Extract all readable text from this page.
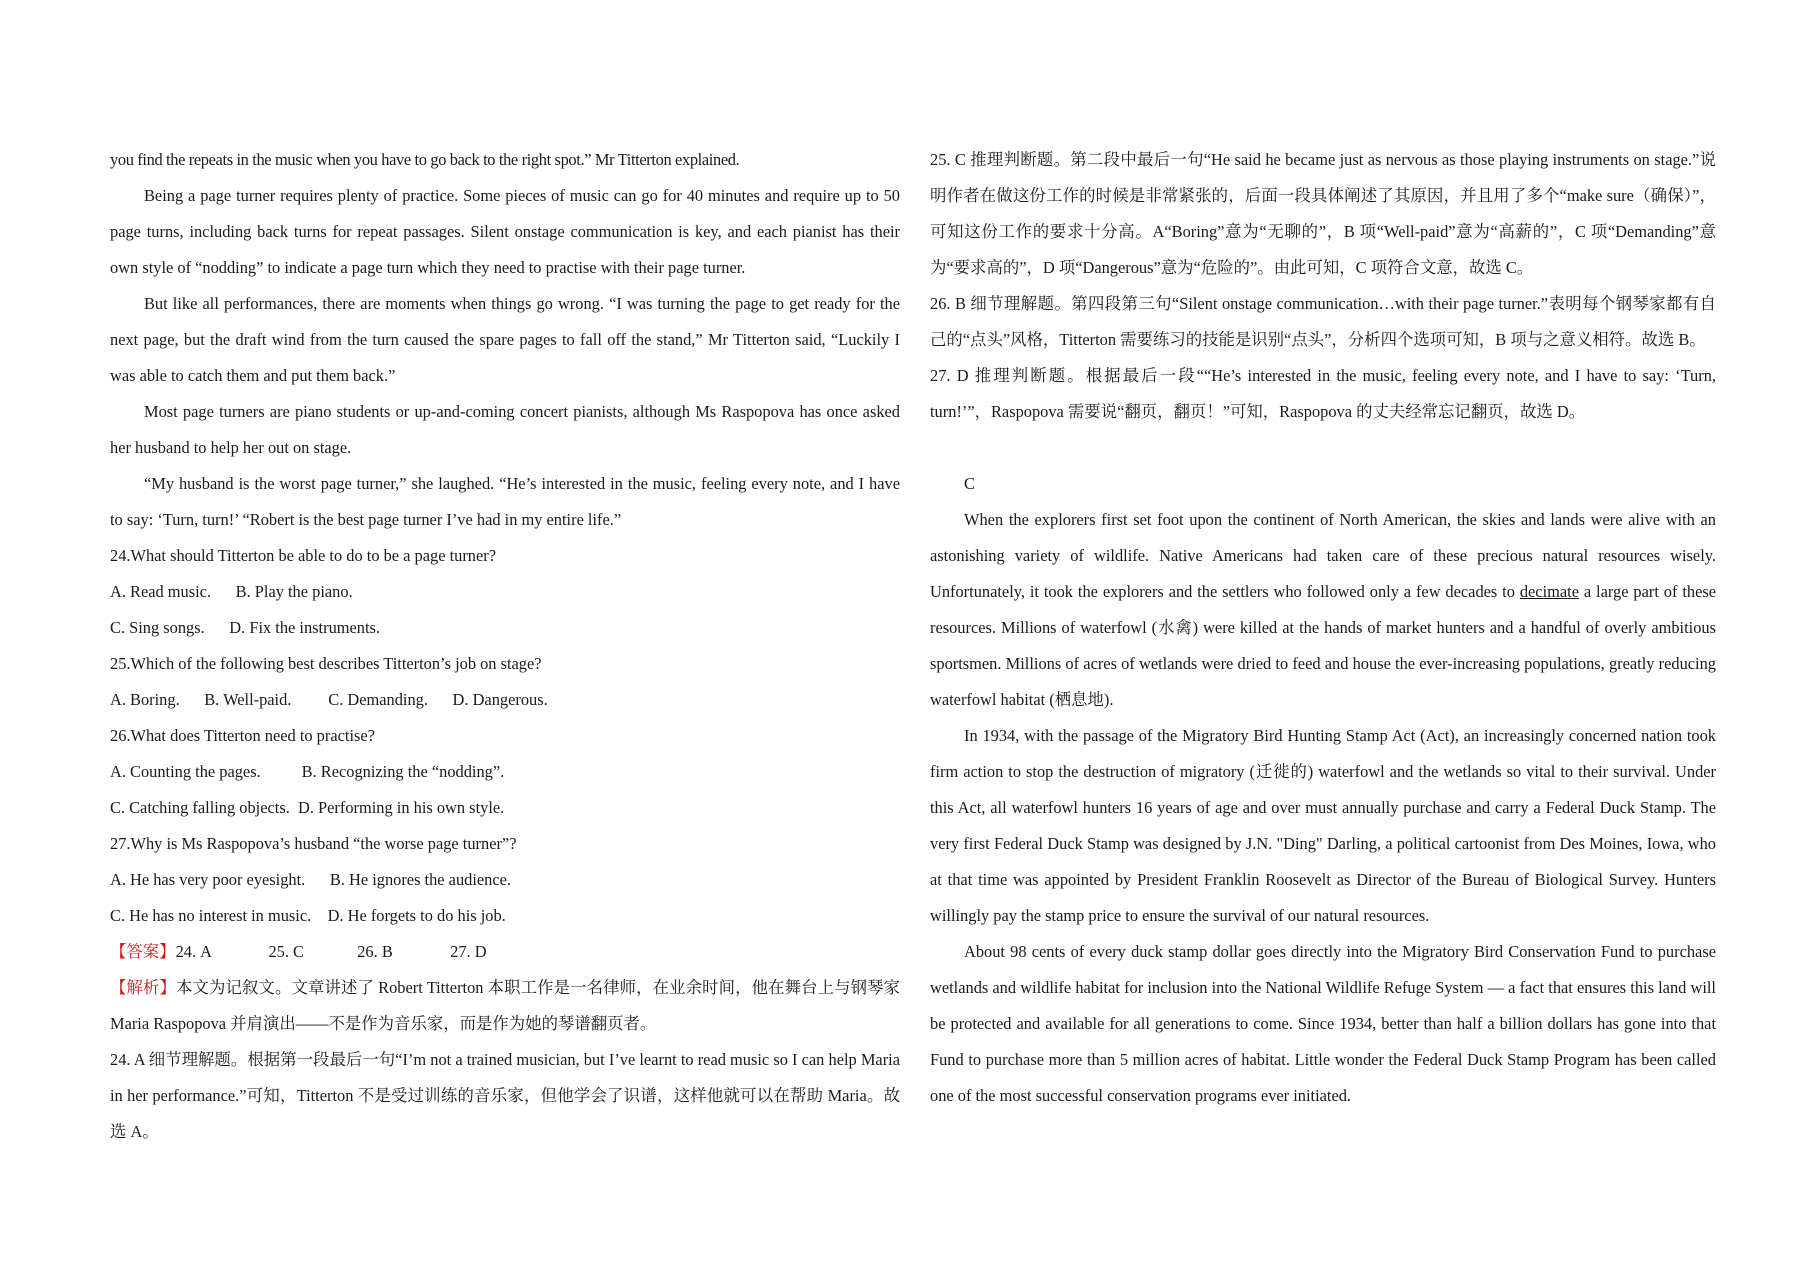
you find the repeats in the music when you have to go back to the right spot.” Mr Titterton explained.

Being a page turner requires plenty of practice. Some pieces of music can go for 40 minutes and require up to 50 page turns, including back turns for repeat passages. Silent onstage communication is key, and each pianist has their own style of “nodding” to indicate a page turn which they need to practise with their page turner.

But like all performances, there are moments when things go wrong. “I was turning the page to get ready for the next page, but the draft wind from the turn caused the spare pages to fall off the stand,” Mr Titterton said, “Luckily I was able to catch them and put them back.”

Most page turners are piano students or up-and-coming concert pianists, although Ms Raspopova has once asked her husband to help her out on stage.

“My husband is the worst page turner,” she laughed. “He’s interested in the music, feeling every note, and I have to say: ‘Turn, turn!’ “Robert is the best page turner I’ve had in my entire life.”

24.What should Titterton be able to do to be a page turner?

A. Read music.      B. Play the piano.

C. Sing songs.      D. Fix the instruments.

25.Which of the following best describes Titterton’s job on stage?

A. Boring.      B. Well-paid.         C. Demanding.      D. Dangerous.

26.What does Titterton need to practise?

A. Counting the pages.          B. Recognizing the “nodding”.

C. Catching falling objects.  D. Performing in his own style.

27.Why is Ms Raspopova’s husband “the worse page turner”?

A. He has very poor eyesight.      B. He ignores the audience.

C. He has no interest in music.    D. He forgets to do his job.

【答案】24. A              25. C             26. B              27. D

【解析】本文为记叙文。文章讲述了 Robert Titterton 本职工作是一名律师，在业余时间，他在舞台上与钢琴家 Maria Raspopova 并肩演出——不是作为音乐家，而是作为她的琴谱翻页者。

24. A 细节理解题。根据第一段最后一句“I’m not a trained musician, but I’ve learnt to read music so I can help Maria in her performance.”可知，Titterton 不是受过训练的音乐家，但他学会了识谱，这样他就可以在帮助 Maria。故选 A。

25. C 推理判断题。第二段中最后一句“He said he became just as nervous as those playing instruments on stage.”说明作者在做这份工作的时候是非常紧张的，后面一段具体阐述了其原因，并且用了多个“make sure（确保）”，可知这份工作的要求十分高。A“Boring”意为“无聊的”，B 项“Well-paid”意为“高薪的”，C 项“Demanding”意为“要求高的”，D 项“Dangerous”意为“危险的”。由此可知，C 项符合文意，故选 C。

26. B 细节理解题。第四段第三句“Silent onstage communication…with their page turner.”表明每个钢琴家都有自己的“点头”风格，Titterton 需要练习的技能是识别“点头”，分析四个选项可知，B 项与之意义相符。故选 B。

27. D 推理判断题。根据最后一段““He’s interested in the music, feeling every note, and I have to say: ‘Turn, turn!’”，Raspopova 需要说“翻页，翻页！”可知，Raspopova 的丈夫经常忘记翻页，故选 D。

C

When the explorers first set foot upon the continent of North American, the skies and lands were alive with an astonishing variety of wildlife. Native Americans had taken care of these precious natural resources wisely. Unfortunately, it took the explorers and the settlers who followed only a few decades to decimate a large part of these resources. Millions of waterfowl (水禽) were killed at the hands of market hunters and a handful of overly ambitious sportsmen. Millions of acres of wetlands were dried to feed and house the ever-increasing populations, greatly reducing waterfowl habitat (栖息地).

In 1934, with the passage of the Migratory Bird Hunting Stamp Act (Act), an increasingly concerned nation took firm action to stop the destruction of migratory (迁徙的) waterfowl and the wetlands so vital to their survival. Under this Act, all waterfowl hunters 16 years of age and over must annually purchase and carry a Federal Duck Stamp. The very first Federal Duck Stamp was designed by J.N. "Ding" Darling, a political cartoonist from Des Moines, Iowa, who at that time was appointed by President Franklin Roosevelt as Director of the Bureau of Biological Survey. Hunters willingly pay the stamp price to ensure the survival of our natural resources.

About 98 cents of every duck stamp dollar goes directly into the Migratory Bird Conservation Fund to purchase wetlands and wildlife habitat for inclusion into the National Wildlife Refuge System — a fact that ensures this land will be protected and available for all generations to come. Since 1934, better than half a billion dollars has gone into that Fund to purchase more than 5 million acres of habitat. Little wonder the Federal Duck Stamp Program has been called one of the most successful conservation programs ever initiated.
